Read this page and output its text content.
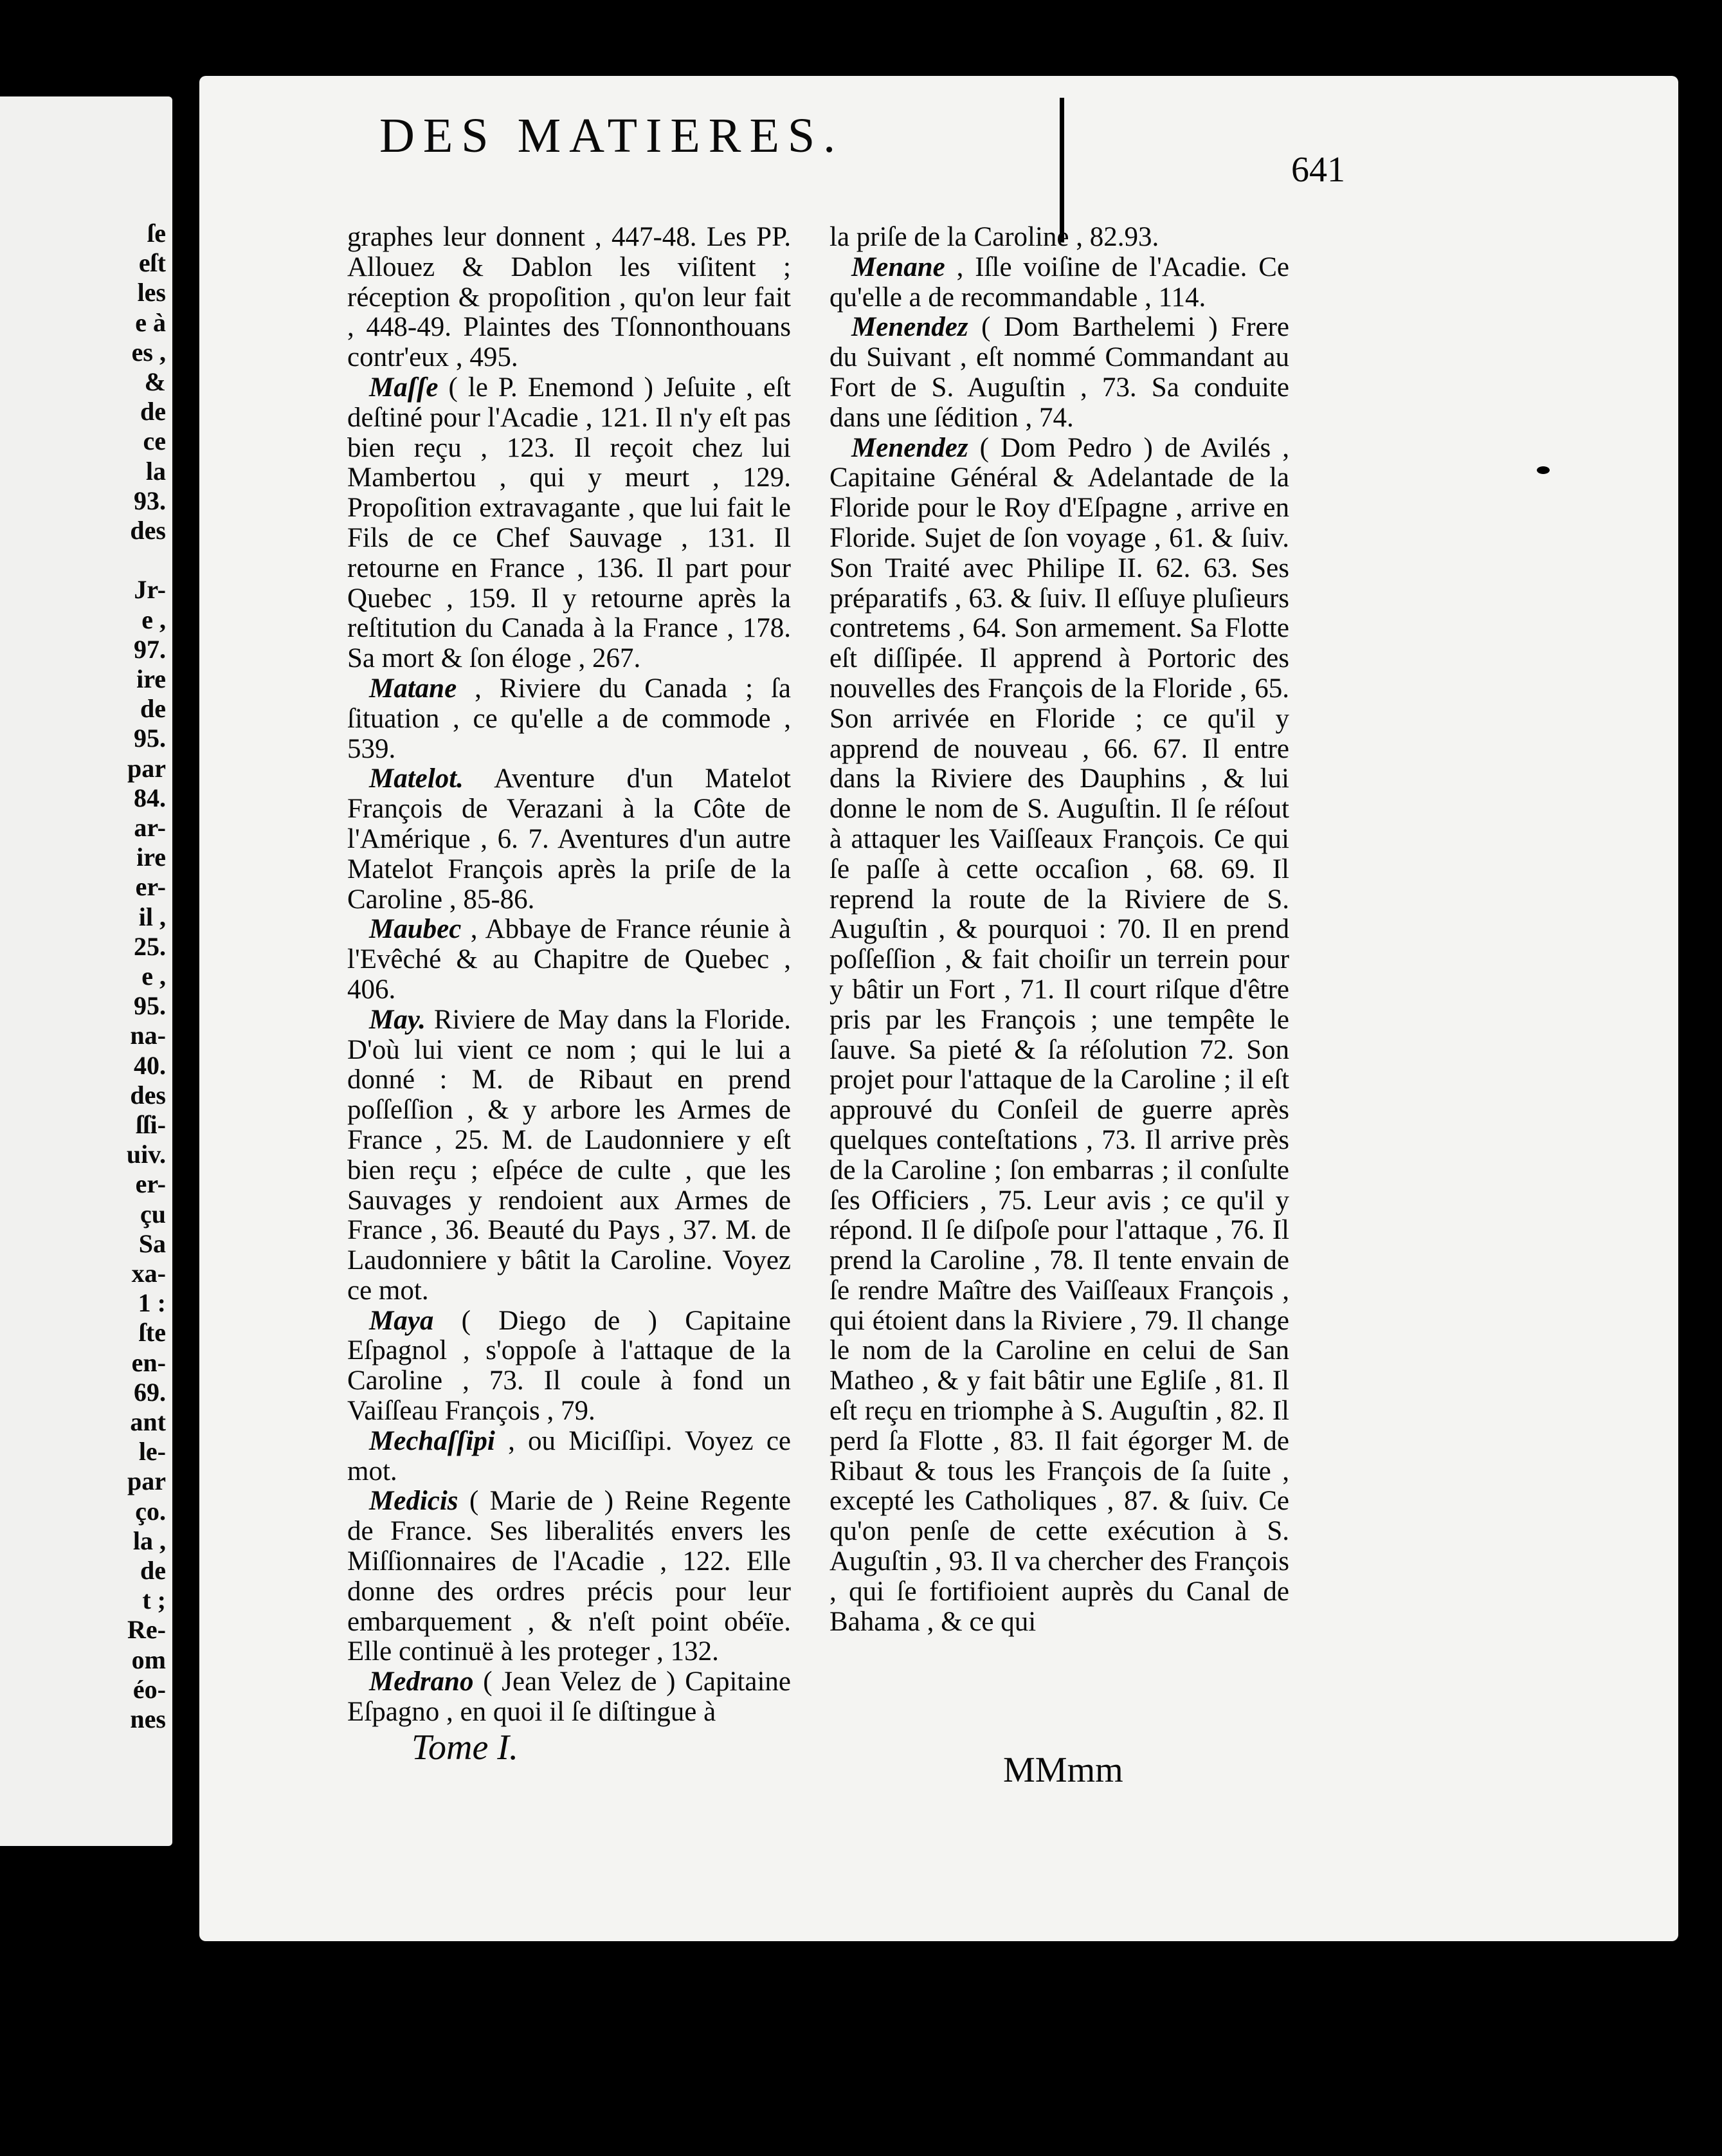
ſe
eſt
les
e à
es ,
&
de
ce
la
93.
des
Jr-
e ,
97.
ire
de
95.
par
84.
ar-
ire
er-
il ,
25.
e ,
95.
na-
40.
des
ſſi-
uiv.
er-
çu
Sa
xa-
1 :
ſte
en-
69.
ant
le-
par
ço.
la ,
de
t ;
Re-
om
éo-
nes
DES MATIERES.
641

graphes leur donnent , 447-48. Les PP. Allouez & Dablon les viſitent ; réception & propoſition , qu'on leur fait , 448-49. Plaintes des Tſonnonthouans contr'eux , 495.

Maſſe ( le P. Enemond ) Jeſuite , eſt deſtiné pour l'Acadie , 121. Il n'y eſt pas bien reçu , 123. Il reçoit chez lui Mambertou , qui y meurt , 129. Propoſition extravagante , que lui fait le Fils de ce Chef Sauvage , 131. Il retourne en France , 136. Il part pour Quebec , 159. Il y retourne après la reſtitution du Canada à la France , 178. Sa mort & ſon éloge , 267.

Matane , Riviere du Canada ; ſa ſituation , ce qu'elle a de commode , 539.

Matelot. Aventure d'un Matelot François de Verazani à la Côte de l'Amérique , 6. 7. Aventures d'un autre Matelot François après la priſe de la Caroline , 85-86.

Maubec , Abbaye de France réunie à l'Evêché & au Chapitre de Quebec , 406.

May. Riviere de May dans la Floride. D'où lui vient ce nom ; qui le lui a donné : M. de Ribaut en prend poſſeſſion , & y arbore les Armes de France , 25. M. de Laudonniere y eſt bien reçu ; eſpéce de culte , que les Sauvages y rendoient aux Armes de France , 36. Beauté du Pays , 37. M. de Laudonniere y bâtit la Caroline. Voyez ce mot.

Maya ( Diego de ) Capitaine Eſpagnol , s'oppoſe à l'attaque de la Caroline , 73. Il coule à fond un Vaiſſeau François , 79.

Mechaſſipi , ou Miciſſipi. Voyez ce mot.

Medicis ( Marie de ) Reine Regente de France. Ses liberalités envers les Miſſionnaires de l'Acadie , 122. Elle donne des ordres précis pour leur embarquement , & n'eſt point obéïe. Elle continuë à les proteger , 132.

Medrano ( Jean Velez de ) Capitaine Eſpagno , en quoi il ſe diſtingue à

la priſe de la Caroline , 82.93.

Menane , Iſle voiſine de l'Acadie. Ce qu'elle a de recommandable , 114.

Menendez ( Dom Barthelemi ) Frere du Suivant , eſt nommé Commandant au Fort de S. Auguſtin , 73. Sa conduite dans une ſédition , 74.

Menendez ( Dom Pedro ) de Avilés , Capitaine Général & Adelantade de la Floride pour le Roy d'Eſpagne , arrive en Floride. Sujet de ſon voyage , 61. & ſuiv. Son Traité avec Philipe II. 62. 63. Ses préparatifs , 63. & ſuiv. Il eſſuye pluſieurs contretems , 64. Son armement. Sa Flotte eſt diſſipée. Il apprend à Portoric des nouvelles des François de la Floride , 65. Son arrivée en Floride ; ce qu'il y apprend de nouveau , 66. 67. Il entre dans la Riviere des Dauphins , & lui donne le nom de S. Auguſtin. Il ſe réſout à attaquer les Vaiſſeaux François. Ce qui ſe paſſe à cette occaſion , 68. 69. Il reprend la route de la Riviere de S. Auguſtin , & pourquoi : 70. Il en prend poſſeſſion , & fait choiſir un terrein pour y bâtir un Fort , 71. Il court riſque d'être pris par les François ; une tempête le ſauve. Sa pieté & ſa réſolution 72. Son projet pour l'attaque de la Caroline ; il eſt approuvé du Conſeil de guerre après quelques conteſtations , 73. Il arrive près de la Caroline ; ſon embarras ; il conſulte ſes Officiers , 75. Leur avis ; ce qu'il y répond. Il ſe diſpoſe pour l'attaque , 76. Il prend la Caroline , 78. Il tente envain de ſe rendre Maître des Vaiſſeaux François , qui étoient dans la Riviere , 79. Il change le nom de la Caroline en celui de San Matheo , & y fait bâtir une Egliſe , 81. Il eſt reçu en triomphe à S. Auguſtin , 82. Il perd ſa Flotte , 83. Il fait égorger M. de Ribaut & tous les François de ſa ſuite , excepté les Catholiques , 87. & ſuiv. Ce qu'on penſe de cette exécution à S. Auguſtin , 93. Il va chercher des François , qui ſe fortifioient auprès du Canal de Bahama , & ce qui

Tome I.
MMmm
